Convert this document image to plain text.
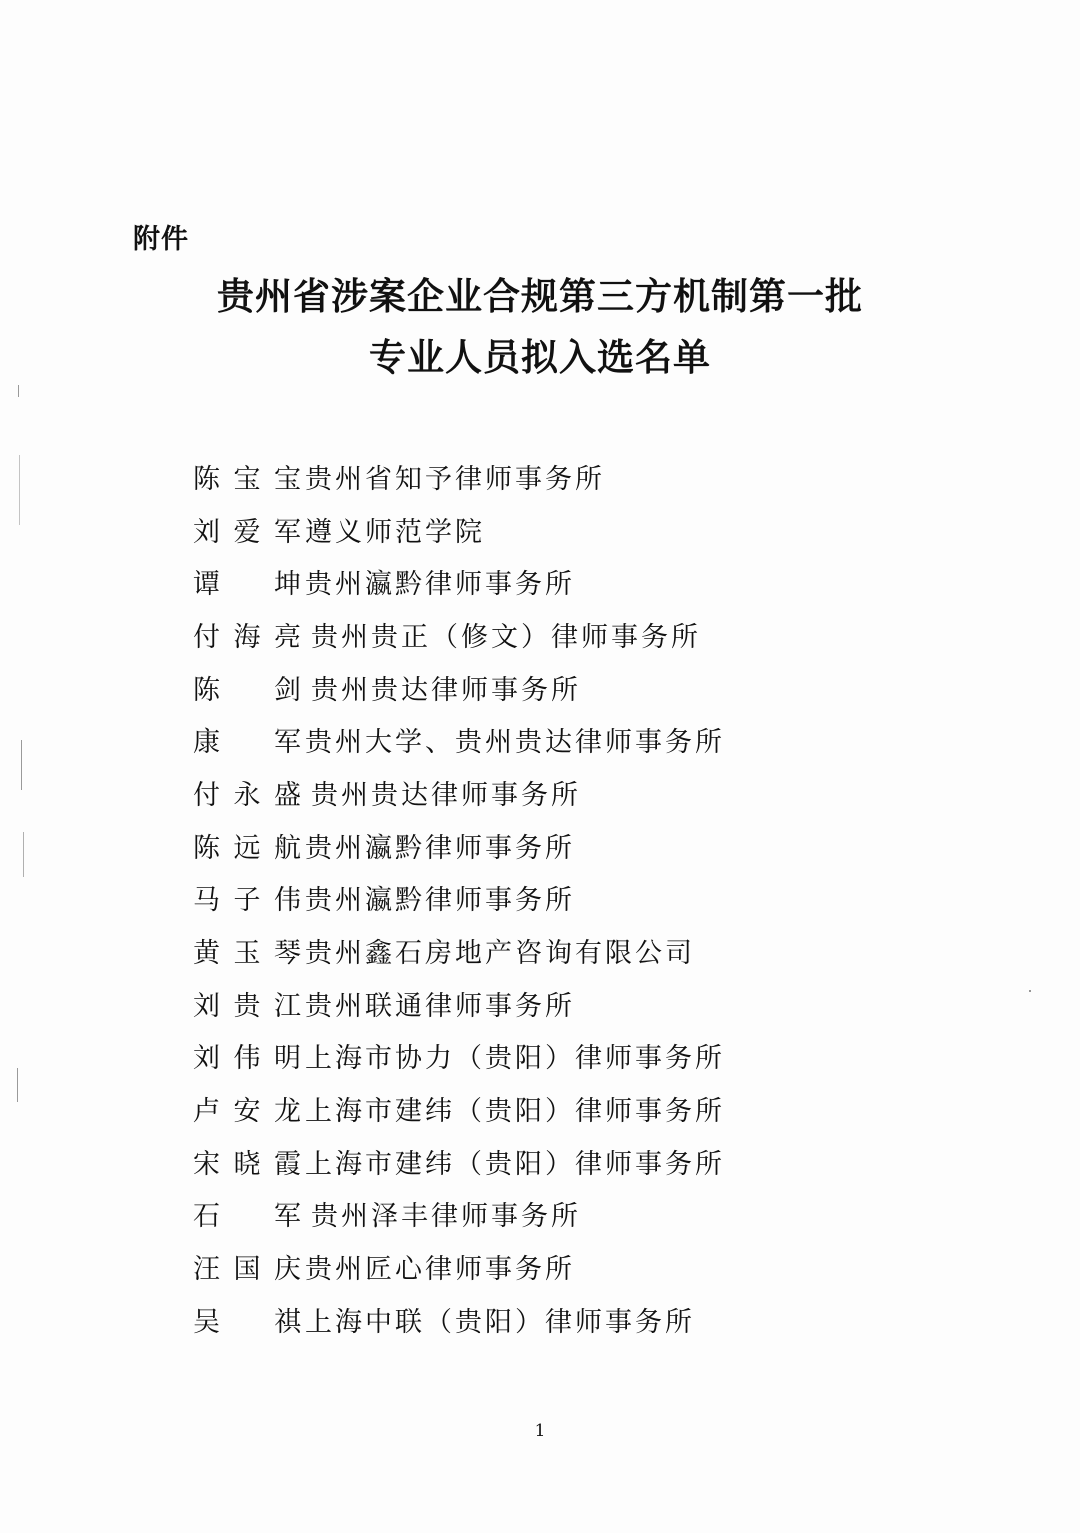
附件
贵州省涉案企业合规第三方机制第一批
专业人员拟入选名单
陈宝宝 贵州省知予律师事务所
刘爱军 遵义师范学院
谭坤 贵州瀛黔律师事务所
付海亮 贵州贵正（修文）律师事务所
陈剑 贵州贵达律师事务所
康军 贵州大学、贵州贵达律师事务所
付永盛 贵州贵达律师事务所
陈远航 贵州瀛黔律师事务所
马子伟 贵州瀛黔律师事务所
黄玉琴 贵州鑫石房地产咨询有限公司
刘贵江 贵州联通律师事务所
刘伟明 上海市协力（贵阳）律师事务所
卢安龙 上海市建纬（贵阳）律师事务所
宋晓霞 上海市建纬（贵阳）律师事务所
石军 贵州泽丰律师事务所
汪国庆 贵州匠心律师事务所
吴祺 上海中联（贵阳）律师事务所
1
